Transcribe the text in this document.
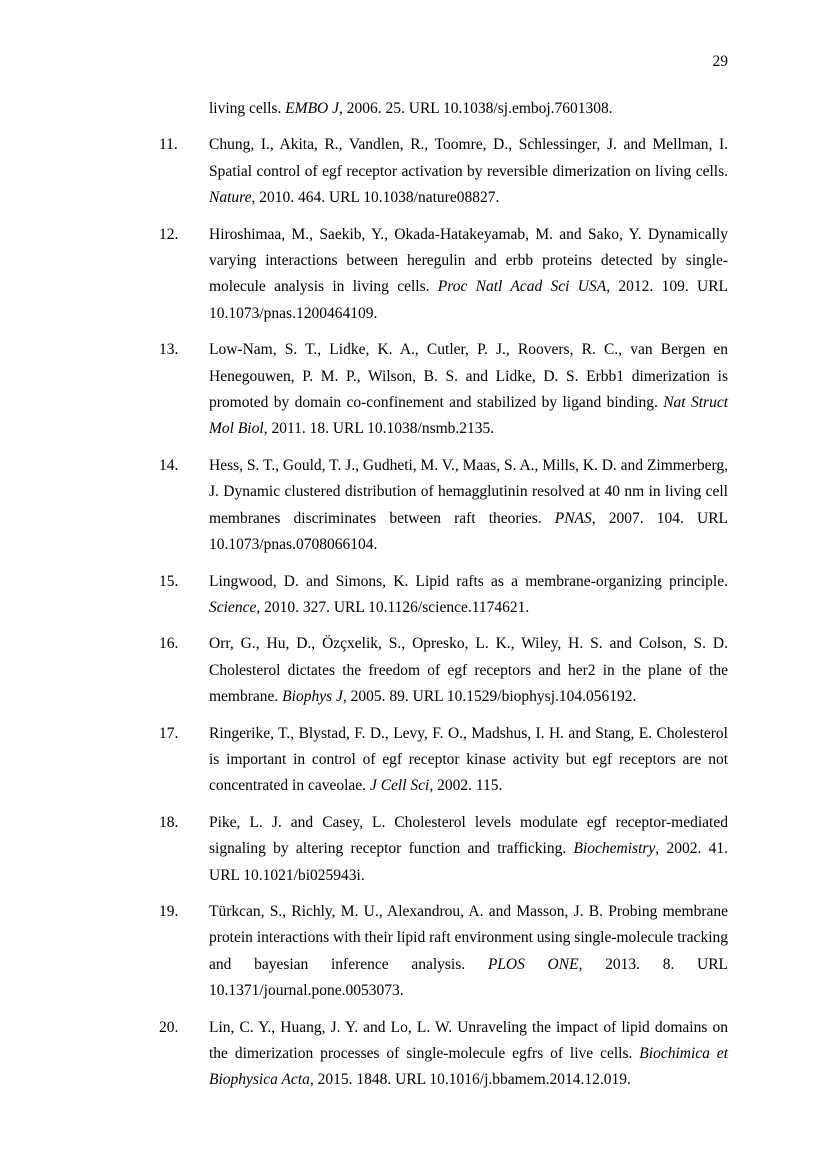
29
living cells. EMBO J, 2006. 25. URL 10.1038/sj.emboj.7601308.
11.	Chung, I., Akita, R., Vandlen, R., Toomre, D., Schlessinger, J. and Mellman, I. Spatial control of egf receptor activation by reversible dimerization on living cells. Nature, 2010. 464. URL 10.1038/nature08827.
12.	Hiroshimaa, M., Saekib, Y., Okada-Hatakeyamab, M. and Sako, Y. Dynamically varying interactions between heregulin and erbb proteins detected by single-molecule analysis in living cells. Proc Natl Acad Sci USA, 2012. 109. URL 10.1073/pnas.1200464109.
13.	Low-Nam, S. T., Lidke, K. A., Cutler, P. J., Roovers, R. C., van Bergen en Henegouwen, P. M. P., Wilson, B. S. and Lidke, D. S. Erbb1 dimerization is promoted by domain co-confinement and stabilized by ligand binding. Nat Struct Mol Biol, 2011. 18. URL 10.1038/nsmb.2135.
14.	Hess, S. T., Gould, T. J., Gudheti, M. V., Maas, S. A., Mills, K. D. and Zimmerberg, J. Dynamic clustered distribution of hemagglutinin resolved at 40 nm in living cell membranes discriminates between raft theories. PNAS, 2007. 104. URL 10.1073/pnas.0708066104.
15.	Lingwood, D. and Simons, K. Lipid rafts as a membrane-organizing principle. Science, 2010. 327. URL 10.1126/science.1174621.
16.	Orr, G., Hu, D., Özçxelik, S., Opresko, L. K., Wiley, H. S. and Colson, S. D. Cholesterol dictates the freedom of egf receptors and her2 in the plane of the membrane. Biophys J, 2005. 89. URL 10.1529/biophysj.104.056192.
17.	Ringerike, T., Blystad, F. D., Levy, F. O., Madshus, I. H. and Stang, E. Cholesterol is important in control of egf receptor kinase activity but egf receptors are not concentrated in caveolae. J Cell Sci, 2002. 115.
18.	Pike, L. J. and Casey, L. Cholesterol levels modulate egf receptor-mediated signaling by altering receptor function and trafficking. Biochemistry, 2002. 41. URL 10.1021/bi025943i.
19.	Türkcan, S., Richly, M. U., Alexandrou, A. and Masson, J. B. Probing membrane protein interactions with their lipid raft environment using single-molecule tracking and bayesian inference analysis. PLOS ONE, 2013. 8. URL 10.1371/journal.pone.0053073.
20.	Lin, C. Y., Huang, J. Y. and Lo, L. W. Unraveling the impact of lipid domains on the dimerization processes of single-molecule egfrs of live cells. Biochimica et Biophysica Acta, 2015. 1848. URL 10.1016/j.bbamem.2014.12.019.
